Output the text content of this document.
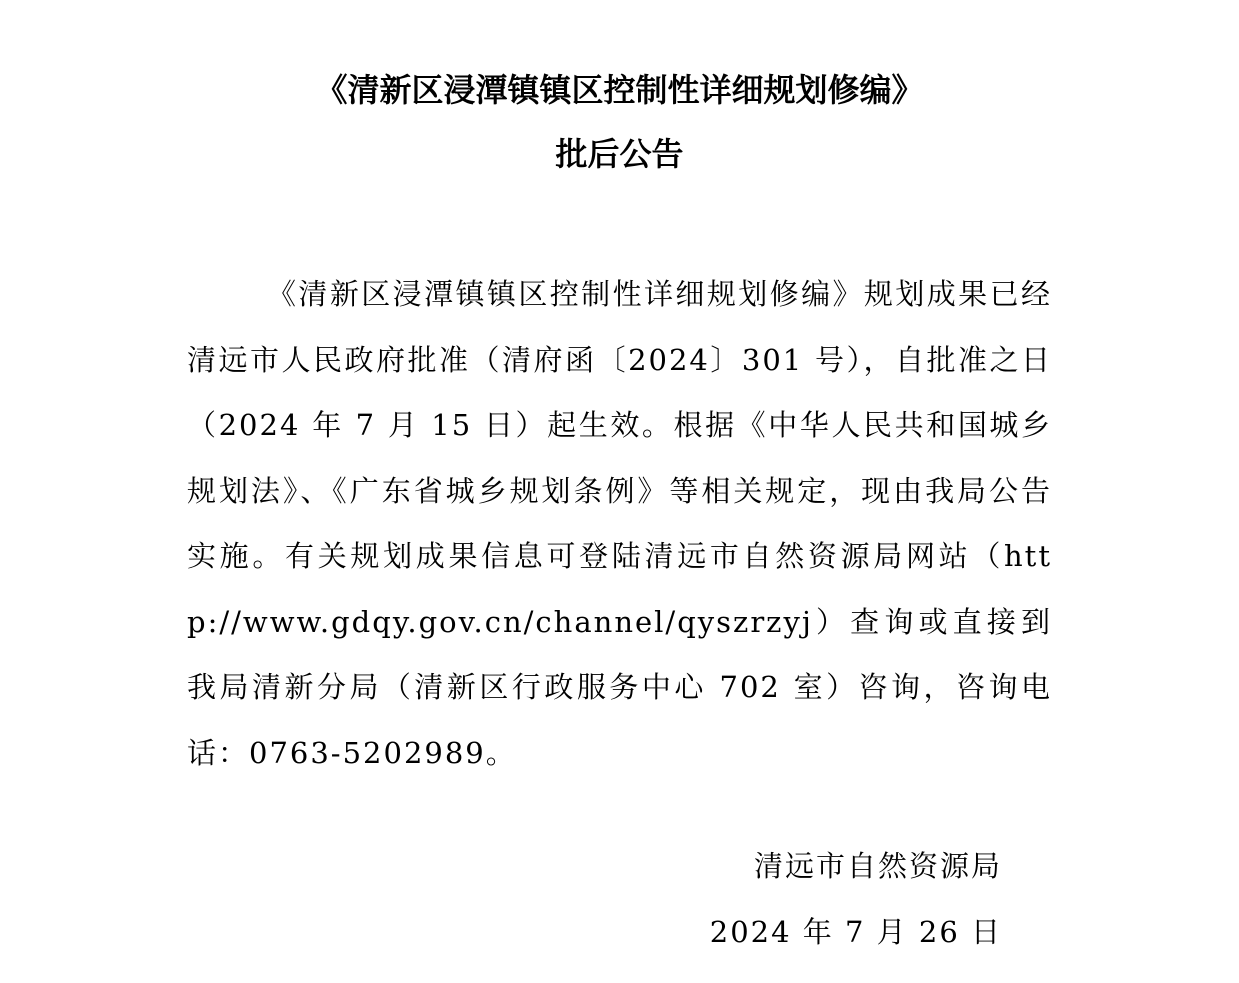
《清新区浸潭镇镇区控制性详细规划修编》
批后公告

《清新区浸潭镇镇区控制性详细规划修编》规划成果已经清远市人民政府批准（清府函〔2024〕301 号），自批准之日（2024 年 7 月 15 日）起生效。根据《中华人民共和国城乡规划法》、《广东省城乡规划条例》等相关规定，现由我局公告实施。有关规划成果信息可登陆清远市自然资源局网站（http://www.gdqy.gov.cn/channel/qyszrzyj）查询或直接到我局清新分局（清新区行政服务中心 702 室）咨询，咨询电话：0763-5202989。

清远市自然资源局
2024 年 7 月 26 日
